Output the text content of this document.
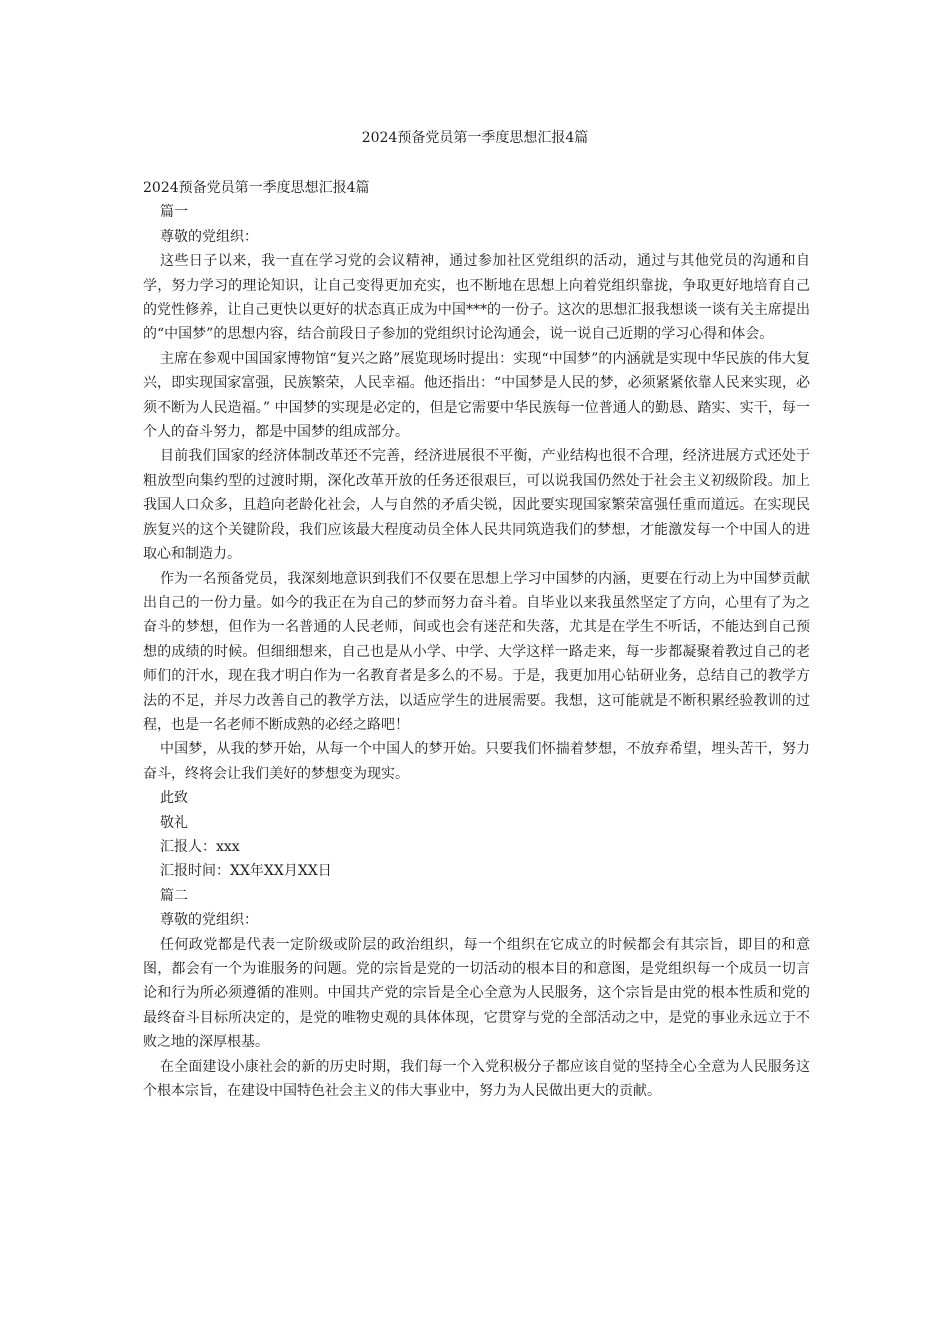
2024预备党员第一季度思想汇报4篇

2024预备党员第一季度思想汇报4篇

篇一

尊敬的党组织：

这些日子以来，我一直在学习党的会议精神，通过参加社区党组织的活动，通过与其他党员的沟通和自学，努力学习的理论知识，让自己变得更加充实，也不断地在思想上向着党组织靠拢，争取更好地培育自己的党性修养，让自己更快以更好的状态真正成为中国***的一份子。这次的思想汇报我想谈一谈有关主席提出的“中国梦”的思想内容，结合前段日子参加的党组织讨论沟通会，说一说自己近期的学习心得和体会。

主席在参观中国国家博物馆“复兴之路”展览现场时提出：实现“中国梦”的内涵就是实现中华民族的伟大复兴，即实现国家富强，民族繁荣，人民幸福。他还指出：“中国梦是人民的梦，必须紧紧依靠人民来实现，必须不断为人民造福。” 中国梦的实现是必定的，但是它需要中华民族每一位普通人的勤恳、踏实、实干，每一个人的奋斗努力，都是中国梦的组成部分。

目前我们国家的经济体制改革还不完善，经济进展很不平衡，产业结构也很不合理，经济进展方式还处于粗放型向集约型的过渡时期，深化改革开放的任务还很艰巨，可以说我国仍然处于社会主义初级阶段。加上我国人口众多，且趋向老龄化社会，人与自然的矛盾尖锐，因此要实现国家繁荣富强任重而道远。在实现民族复兴的这个关键阶段，我们应该最大程度动员全体人民共同筑造我们的梦想，才能激发每一个中国人的进取心和制造力。

作为一名预备党员，我深刻地意识到我们不仅要在思想上学习中国梦的内涵，更要在行动上为中国梦贡献出自己的一份力量。如今的我正在为自己的梦而努力奋斗着。自毕业以来我虽然坚定了方向，心里有了为之奋斗的梦想，但作为一名普通的人民老师，间或也会有迷茫和失落，尤其是在学生不听话，不能达到自己预想的成绩的时候。但细细想来，自己也是从小学、中学、大学这样一路走来，每一步都凝聚着教过自己的老师们的汗水，现在我才明白作为一名教育者是多么的不易。于是，我更加用心钻研业务，总结自己的教学方法的不足，并尽力改善自己的教学方法，以适应学生的进展需要。我想，这可能就是不断积累经验教训的过程，也是一名老师不断成熟的必经之路吧！

中国梦，从我的梦开始，从每一个中国人的梦开始。只要我们怀揣着梦想，不放弃希望，埋头苦干，努力奋斗，终将会让我们美好的梦想变为现实。

此致

敬礼

汇报人：xxx

汇报时间：XX年XX月XX日

篇二

尊敬的党组织：

任何政党都是代表一定阶级或阶层的政治组织，每一个组织在它成立的时候都会有其宗旨，即目的和意图，都会有一个为谁服务的问题。党的宗旨是党的一切活动的根本目的和意图，是党组织每一个成员一切言论和行为所必须遵循的准则。中国共产党的宗旨是全心全意为人民服务，这个宗旨是由党的根本性质和党的最终奋斗目标所决定的，是党的唯物史观的具体体现，它贯穿与党的全部活动之中，是党的事业永远立于不败之地的深厚根基。

在全面建设小康社会的新的历史时期，我们每一个入党积极分子都应该自觉的坚持全心全意为人民服务这个根本宗旨，在建设中国特色社会主义的伟大事业中，努力为人民做出更大的贡献。
